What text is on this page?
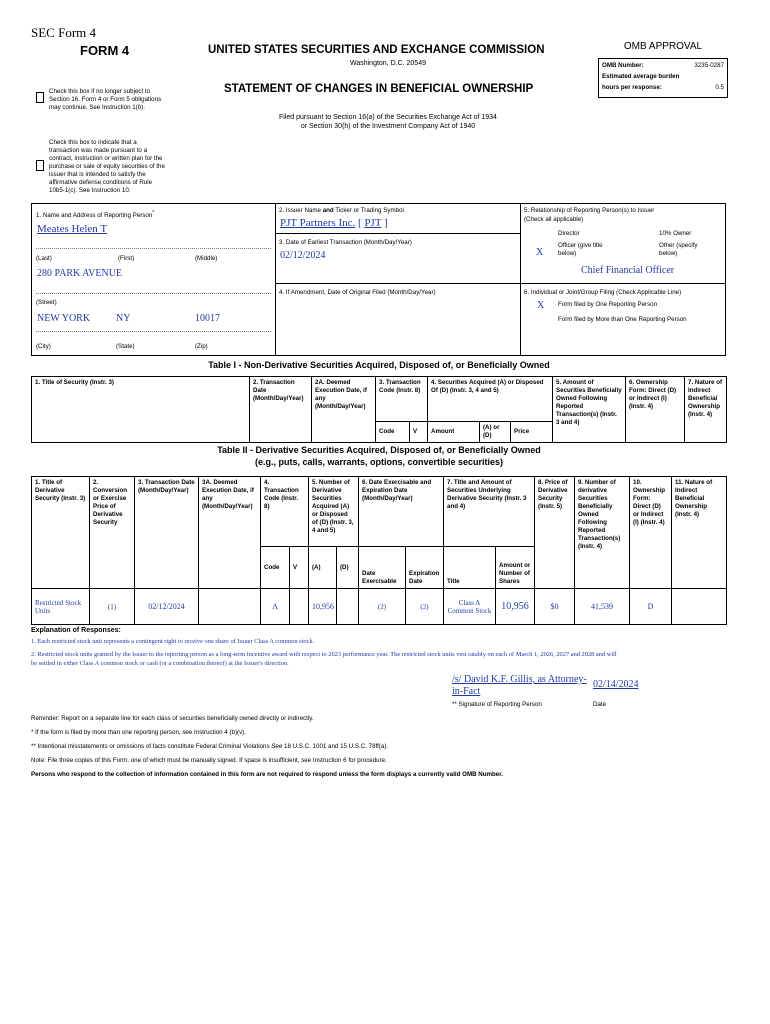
SEC Form 4
FORM 4	UNITED STATES SECURITIES AND EXCHANGE COMMISSION
Washington, D.C. 20549
STATEMENT OF CHANGES IN BENEFICIAL OWNERSHIP
Filed pursuant to Section 16(a) of the Securities Exchange Act of 1934
or Section 30(h) of the Investment Company Act of 1940
OMB APPROVAL
OMB Number:	3235-0287
Estimated average burden
hours per response:	0.5
Check this box if no longer subject to
Section 16. Form 4 or Form 5 obligations
may continue. See Instruction 1(b).
Check this box to indicate that a
transaction was made pursuant to a
contract, instruction or written plan for the
purchase or sale of equity securities of the
issuer that is intended to satisfy the
affirmative defense conditions of Rule
10b5-1(c). See Instruction 10.
1. Name and Address of Reporting Person*
Meates Helen T
(Last)	(First)	(Middle)
280 PARK AVENUE
(Street)
NEW YORK	NY	10017
(City)	(State)	(Zip)
2. Issuer Name and Ticker or Trading Symbol
PJT Partners Inc. [ PJT ]
3. Date of Earliest Transaction (Month/Day/Year)
02/12/2024
4. If Amendment, Date of Original Filed (Month/Day/Year)
5. Relationship of Reporting Person(s) to Issuer
(Check all applicable)
Director	10% Owner
X
Officer (give title
below)
Other (specify
below)
Chief Financial Officer
6. Individual or Joint/Group Filing (Check Applicable Line)
X Form filed by One Reporting Person
Form filed by More than One Reporting Person
Table I - Non-Derivative Securities Acquired, Disposed of, or Beneficially Owned
1. Title of Security (Instr. 3)	2. Transaction Date (Month/Day/Year)	2A. Deemed Execution Date, if any (Month/Day/Year)	3. Transaction Code (Instr. 8)		4. Securities Acquired (A) or Disposed Of (D) (Instr. 3, 4 and 5)			5. Amount of Securities Beneficially Owned Following Reported Transaction(s) (Instr. 3 and 4)	6. Ownership Form: Direct (D) or Indirect (I) (Instr. 4)	7. Nature of Indirect Beneficial Ownership (Instr. 4)
			Code	V	Amount	(A) or (D)	Price			
Table II - Derivative Securities Acquired, Disposed of, or Beneficially Owned
(e.g., puts, calls, warrants, options, convertible securities)
1. Title of Derivative Security (Instr. 3)	2. Conversion or Exercise Price of Derivative Security	3. Transaction Date (Month/Day/Year)	3A. Deemed Execution Date, if any (Month/Day/Year)	4. Transaction Code (Instr. 8)		5. Number of Derivative Securities Acquired (A) or Disposed of (D) (Instr. 3, 4 and 5)		6. Date Exercisable and Expiration Date (Month/Day/Year)		7. Title and Amount of Securities Underlying Derivative Security (Instr. 3 and 4)		8. Price of Derivative Security (Instr. 5)	9. Number of derivative Securities Beneficially Owned Following Reported Transaction(s) (Instr. 4)	10. Ownership Form: Direct (D) or Indirect (I) (Instr. 4)	11. Nature of Indirect Beneficial Ownership (Instr. 4)
				Code	V	(A)	(D)	Date Exercisable	Expiration Date	Title	Amount or Number of Shares				
Restricted Stock Units	(1)	02/12/2024		A		10,956		(2)	(2)	Class A Common Stock	10,956	$0	41,539	D	
Explanation of Responses:
1. Each restricted stock unit represents a contingent right to receive one share of Issuer Class A common stock.
2. Restricted stock units granted by the Issuer to the reporting person as a long-term incentive award with respect to 2023 performance year. The restricted stock units vest ratably on each of March 1, 2026, 2027 and 2028 and will
be settled in either Class A common stock or cash (or a combination thereof) at the Issuer's direction.
/s/ David K.F. Gillis, as Attorney-
in-Fact
02/14/2024
** Signature of Reporting Person	Date
Reminder: Report on a separate line for each class of securities beneficially owned directly or indirectly.
* If the form is filed by more than one reporting person, see Instruction 4 (b)(v).
** Intentional misstatements or omissions of facts constitute Federal Criminal Violations See 18 U.S.C. 1001 and 15 U.S.C. 78ff(a).
Note: File three copies of this Form, one of which must be manually signed. If space is insufficient, see Instruction 6 for procedure.
Persons who respond to the collection of information contained in this form are not required to respond unless the form displays a currently valid OMB Number.
